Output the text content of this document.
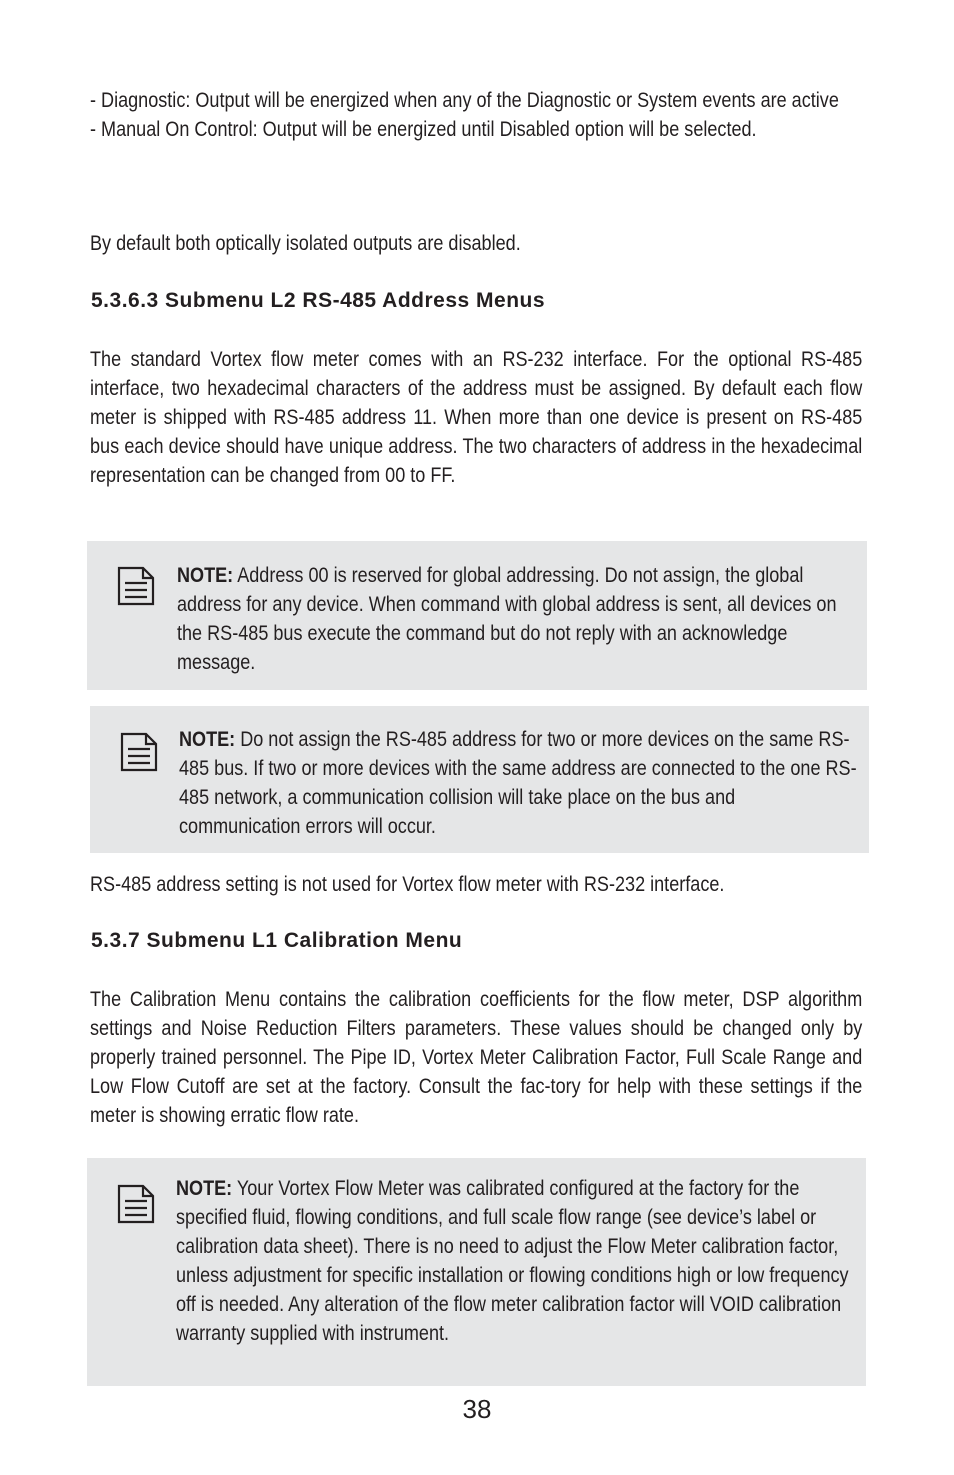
- Diagnostic: Output will be energized when any of the Diagnostic or System events are active
- Manual On Control: Output will be energized until Disabled option will be selected.

By default both optically isolated outputs are disabled.

5.3.6.3 Submenu L2 RS-485 Address Menus

The standard Vortex flow meter comes with an RS-232 interface. For the optional RS-485 interface, two hexadecimal characters of the address must be assigned. By default each flow meter is shipped with RS-485 address 11. When more than one device is present on RS-485 bus each device should have unique address. The two characters of address in the hexadecimal representation can be changed from 00 to FF.

NOTE: Address 00 is reserved for global addressing. Do not assign, the global address for any device. When command with global address is sent, all devices on the RS-485 bus execute the command but do not reply with an acknowledge message.

NOTE: Do not assign the RS-485 address for two or more devices on the same RS-485 bus. If two or more devices with the same address are connected to the one RS-485 network, a communication collision will take place on the bus and communication errors will occur.

RS-485 address setting is not used for Vortex flow meter with RS-232 interface.

5.3.7 Submenu L1 Calibration Menu

The Calibration Menu contains the calibration coefficients for the flow meter, DSP algorithm settings and Noise Reduction Filters parameters. These values should be changed only by properly trained personnel. The Pipe ID, Vortex Meter Calibration Factor, Full Scale Range and Low Flow Cutoff are set at the factory. Consult the fac-tory for help with these settings if the meter is showing erratic flow rate.

NOTE: Your Vortex Flow Meter was calibrated configured at the factory for the specified fluid, flowing conditions, and full scale flow range (see device’s label or calibration data sheet). There is no need to adjust the Flow Meter calibration factor, unless adjustment for specific installation or flowing conditions high or low frequency off is needed. Any alteration of the flow meter calibration factor will VOID calibration warranty supplied with instrument.

38
